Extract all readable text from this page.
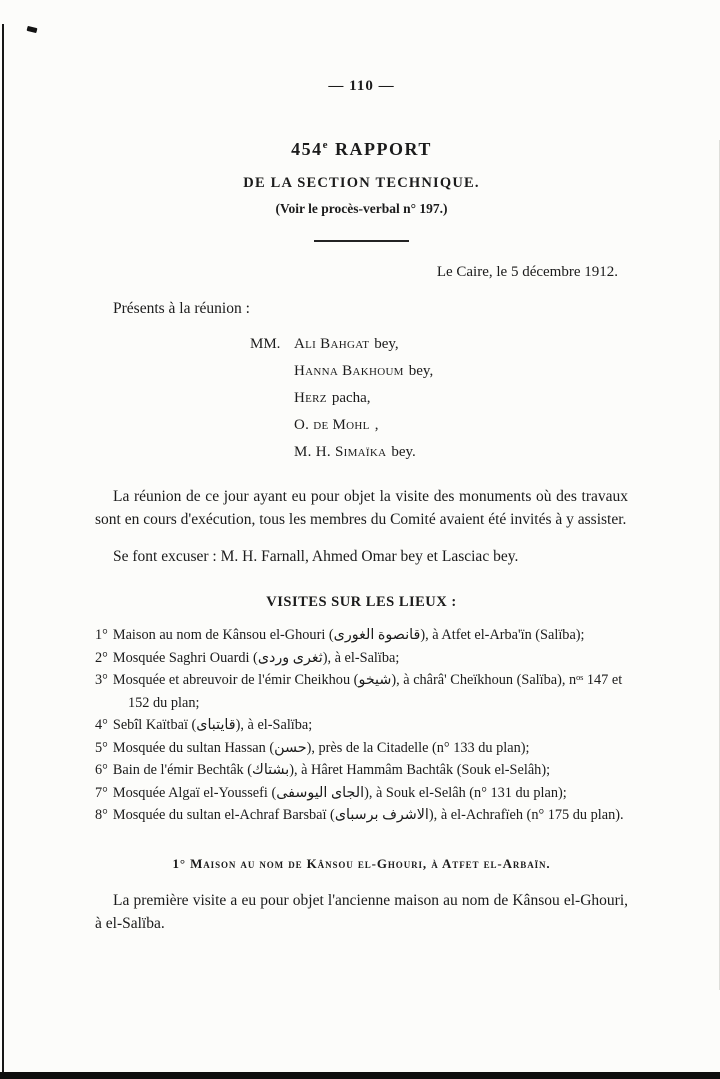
— 110 —
454e RAPPORT
DE LA SECTION TECHNIQUE.
(Voir le procès-verbal n° 197.)
Le Caire, le 5 décembre 1912.
Présents à la réunion :
MM. Ali Bahgat bey,
Hanna Bakhoum bey,
Herz pacha,
O. de Mohl ,
M. H. Simaïka bey.

La réunion de ce jour ayant eu pour objet la visite des monuments où des travaux sont en cours d'exécution, tous les membres du Comité avaient été invités à y assister.

Se font excuser : M. H. Farnall, Ahmed Omar bey et Lasciac bey.

VISITES SUR LES LIEUX :
1° Maison au nom de Kânsou el-Ghouri (قانصوة الغورى), à Atfet el-Arba'ïn (Salïba);
2° Mosquée Saghri Ouardi (ثغرى وردى), à el-Salïba;
3° Mosquée et abreuvoir de l'émir Cheikhou (شيخو), à chârâ' Cheïkhoun (Salïba), nᵒˢ 147 et 152 du plan;
4° Sebîl Kaïtbaï (قايتباى), à el-Salïba;
5° Mosquée du sultan Hassan (حسن), près de la Citadelle (n° 133 du plan);
6° Bain de l'émir Bechtâk (بشتاك), à Hâret Hammâm Bachtâk (Souk el-Selâh);
7° Mosquée Algaï el-Youssefi (الجاى اليوسفى), à Souk el-Selâh (n° 131 du plan);
8° Mosquée du sultan el-Achraf Barsbaï (الاشرف برسباى), à el-Achrafïeh (n° 175 du plan).
1° Maison au nom de Kânsou el-Ghouri, à Atfet el-Arbaïn.

La première visite a eu pour objet l'ancienne maison au nom de Kânsou el-Ghouri, à el-Salïba.
